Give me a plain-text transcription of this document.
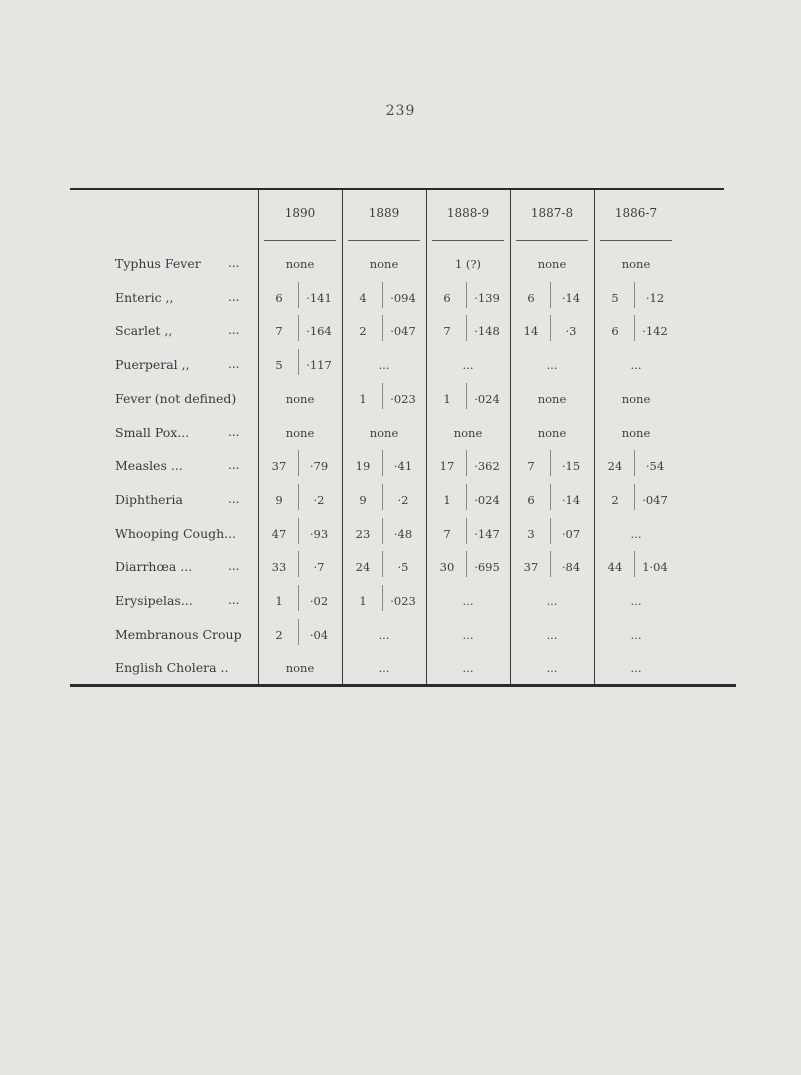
239
1890	1889	1888-9	1887-8	1886-7
Typhus Fever ...	none	none	1 (?)	none	none
Enteric ,,	...	6	·141	4	·094	6	·139	6	·14	5	·12
Scarlet ,,	...	7	·164	2	·047	7	·148	14	·3	6	·142
Puerperal ,,	...	5	·117	...	...	...	...
Fever (not defined)	none	1	·023	1	·024	none	none
Small Pox...	...	none	none	none	none	none
Measles ...	...	37	·79	19	·41	17	·362	7	·15	24	·54
Diphtheria	...	9	·2	9	·2	1	·024	6	·14	2	·047
Whooping Cough...	47	·93	23	·48	7	·147	3	·07	...
Diarrhœa ...	...	33	·7	24	·5	30	·695	37	·84	44	1·04
Erysipelas...	...	1	·02	1	·023	...	...	...
Membranous Croup	2	·04	...	...	...	...
English Cholera ..	none	...	...	...	...
